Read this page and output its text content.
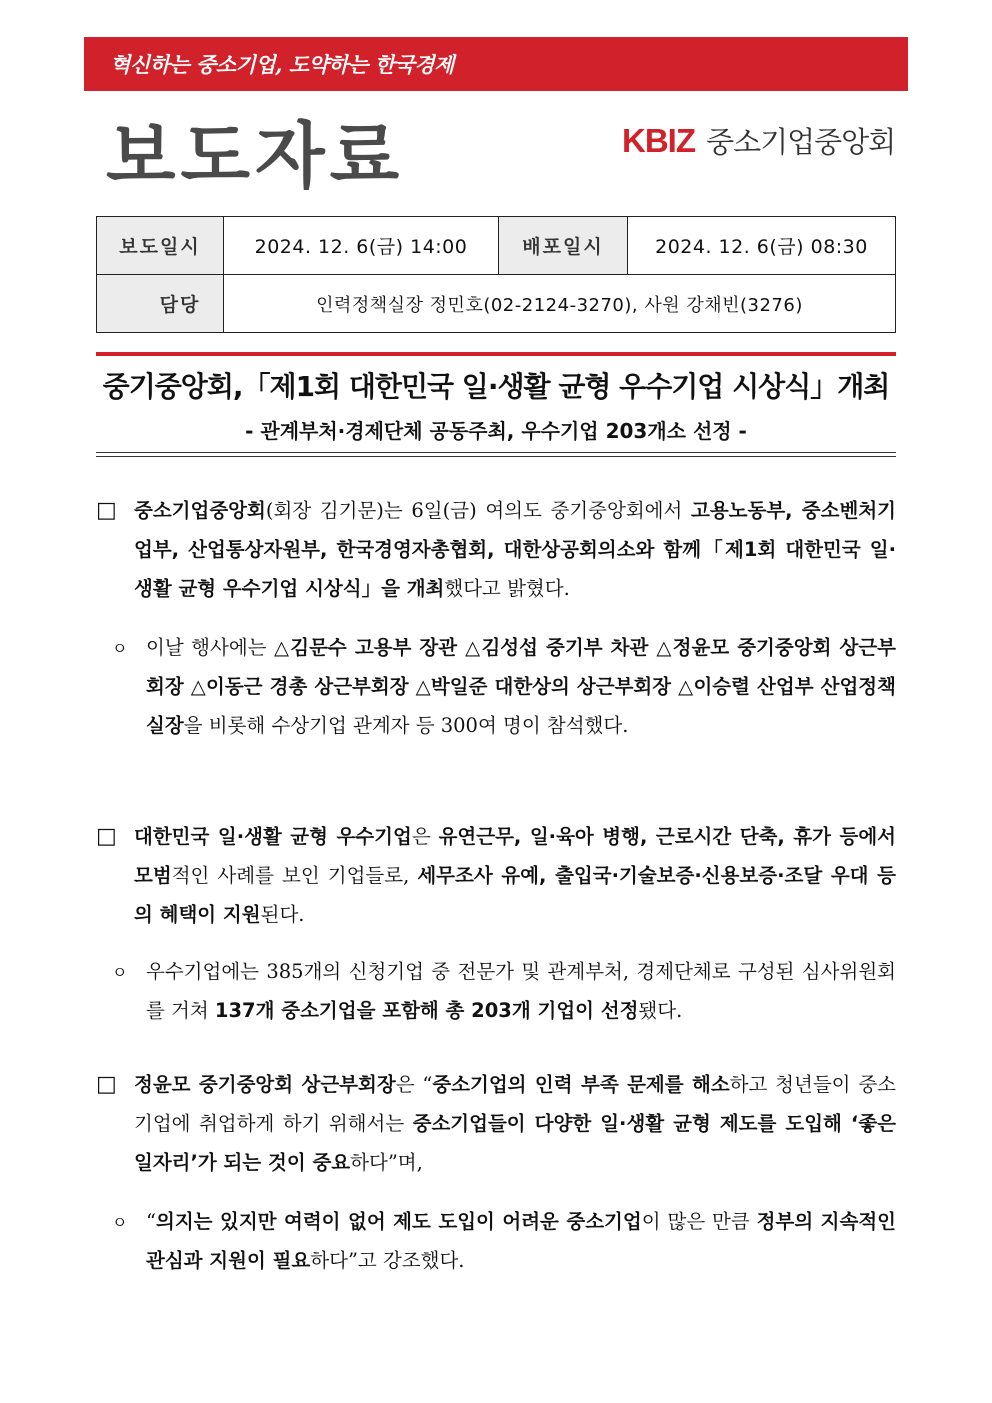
혁신하는 중소기업, 도약하는 한국경제
보도자료	KBIZ 중소기업중앙회
보도일시	2024. 12. 6(금) 14:00	배포일시	2024. 12. 6(금) 08:30
담당	인력정책실장 정민호(02-2124-3270), 사원 강채빈(3276)		
중기중앙회,「제1회 대한민국 일·생활 균형 우수기업 시상식」개최
- 관계부처·경제단체 공동주최, 우수기업 203개소 선정 -
□ 중소기업중앙회(회장 김기문)는 6일(금) 여의도 중기중앙회에서 고용노동부, 중소벤처기업부, 산업통상자원부, 한국경영자총협회, 대한상공회의소와 함께「제1회 대한민국 일·생활 균형 우수기업 시상식」을 개최했다고 밝혔다.
ㅇ 이날 행사에는 △김문수 고용부 장관 △김성섭 중기부 차관 △정윤모 중기중앙회 상근부회장 △이동근 경총 상근부회장 △박일준 대한상의 상근부회장 △이승렬 산업부 산업정책실장을 비롯해 수상기업 관계자 등 300여 명이 참석했다.
□ 대한민국 일·생활 균형 우수기업은 유연근무, 일·육아 병행, 근로시간 단축, 휴가 등에서 모범적인 사례를 보인 기업들로, 세무조사 유예, 출입국·기술보증·신용보증·조달 우대 등의 혜택이 지원된다.
ㅇ 우수기업에는 385개의 신청기업 중 전문가 및 관계부처, 경제단체로 구성된 심사위원회를 거쳐 137개 중소기업을 포함해 총 203개 기업이 선정됐다.
□ 정윤모 중기중앙회 상근부회장은 “중소기업의 인력 부족 문제를 해소하고 청년들이 중소기업에 취업하게 하기 위해서는 중소기업들이 다양한 일·생활 균형 제도를 도입해 ‘좋은 일자리’가 되는 것이 중요하다”며,
ㅇ “의지는 있지만 여력이 없어 제도 도입이 어려운 중소기업이 많은 만큼 정부의 지속적인 관심과 지원이 필요하다”고 강조했다.
